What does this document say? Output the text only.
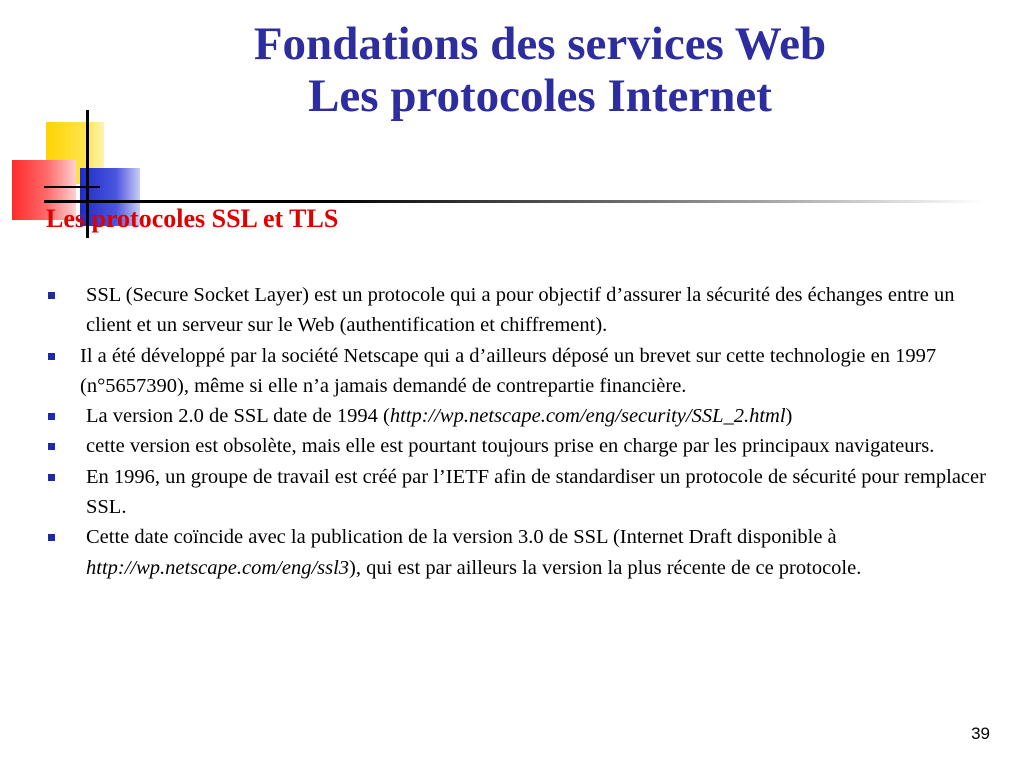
Fondations des services Web
Les protocoles Internet
Les protocoles SSL et TLS
SSL (Secure Socket Layer) est un protocole qui a pour objectif d’assurer la sécurité des échanges entre un client et un serveur sur le Web (authentification et chiffrement).
Il a été développé par la société Netscape qui a d’ailleurs déposé un brevet sur cette technologie en 1997 (n°5657390), même si elle n’a jamais demandé de contrepartie financière.
La version 2.0 de SSL date de 1994 (http://wp.netscape.com/eng/security/SSL_2.html)
cette version est obsolète, mais elle est pourtant toujours prise en charge par les principaux navigateurs.
En 1996, un groupe de travail est créé par l’IETF afin de standardiser un protocole de sécurité pour remplacer SSL.
Cette date coïncide avec la publication de la version 3.0 de SSL (Internet Draft disponible à http://wp.netscape.com/eng/ssl3), qui est par ailleurs la version la plus récente de ce protocole.
39
